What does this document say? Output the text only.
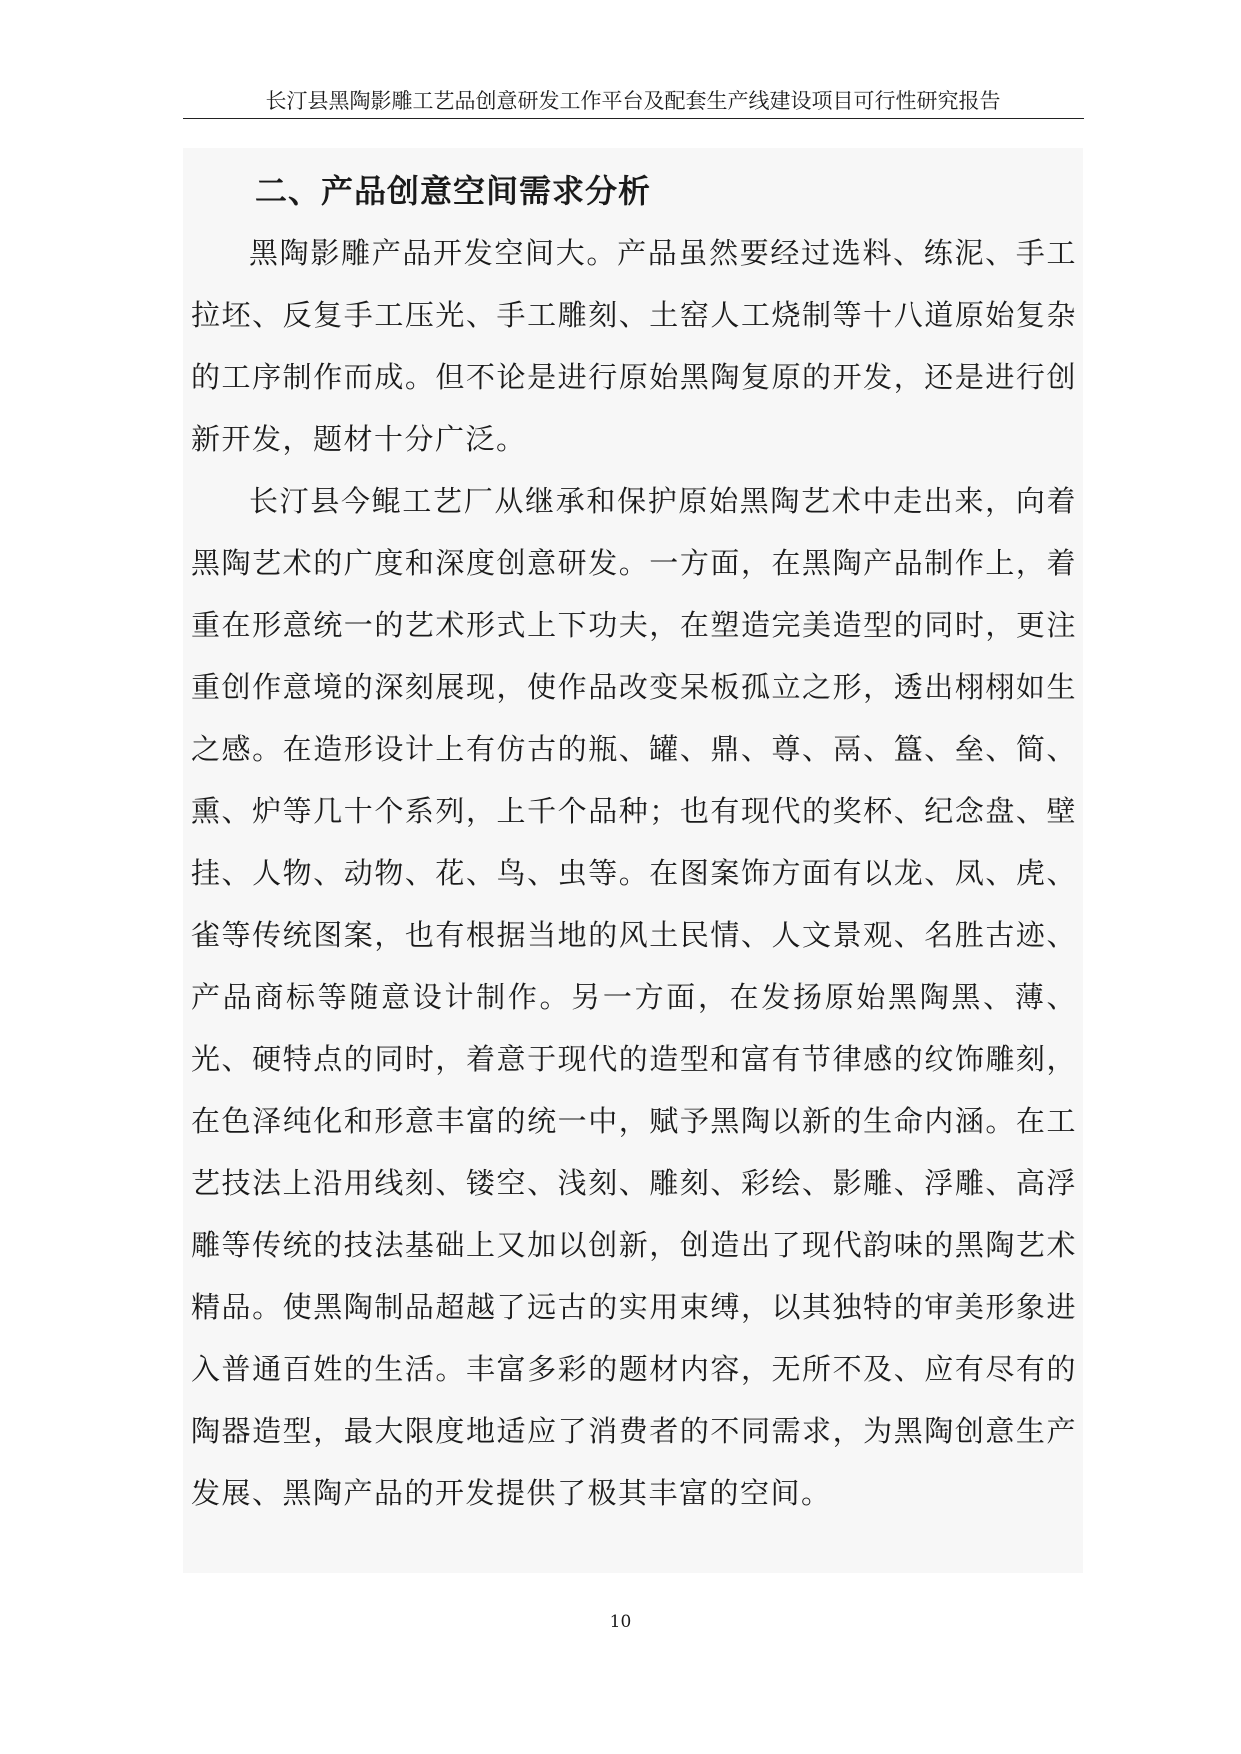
长汀县黑陶影雕工艺品创意研发工作平台及配套生产线建设项目可行性研究报告
二、产品创意空间需求分析

黑陶影雕产品开发空间大。产品虽然要经过选料、练泥、手工拉坯、反复手工压光、手工雕刻、土窑人工烧制等十八道原始复杂的工序制作而成。但不论是进行原始黑陶复原的开发，还是进行创新开发，题材十分广泛。

长汀县今鲲工艺厂从继承和保护原始黑陶艺术中走出来，向着黑陶艺术的广度和深度创意研发。一方面，在黑陶产品制作上，着重在形意统一的艺术形式上下功夫，在塑造完美造型的同时，更注重创作意境的深刻展现，使作品改变呆板孤立之形，透出栩栩如生之感。在造形设计上有仿古的瓶、罐、鼎、尊、鬲、簋、垒、简、熏、炉等几十个系列，上千个品种；也有现代的奖杯、纪念盘、壁挂、人物、动物、花、鸟、虫等。在图案饰方面有以龙、凤、虎、雀等传统图案，也有根据当地的风土民情、人文景观、名胜古迹、产品商标等随意设计制作。另一方面，在发扬原始黑陶黑、薄、光、硬特点的同时，着意于现代的造型和富有节律感的纹饰雕刻，在色泽纯化和形意丰富的统一中，赋予黑陶以新的生命内涵。在工艺技法上沿用线刻、镂空、浅刻、雕刻、彩绘、影雕、浮雕、高浮雕等传统的技法基础上又加以创新，创造出了现代韵味的黑陶艺术精品。使黑陶制品超越了远古的实用束缚，以其独特的审美形象进入普通百姓的生活。丰富多彩的题材内容，无所不及、应有尽有的陶器造型，最大限度地适应了消费者的不同需求，为黑陶创意生产发展、黑陶产品的开发提供了极其丰富的空间。

10
